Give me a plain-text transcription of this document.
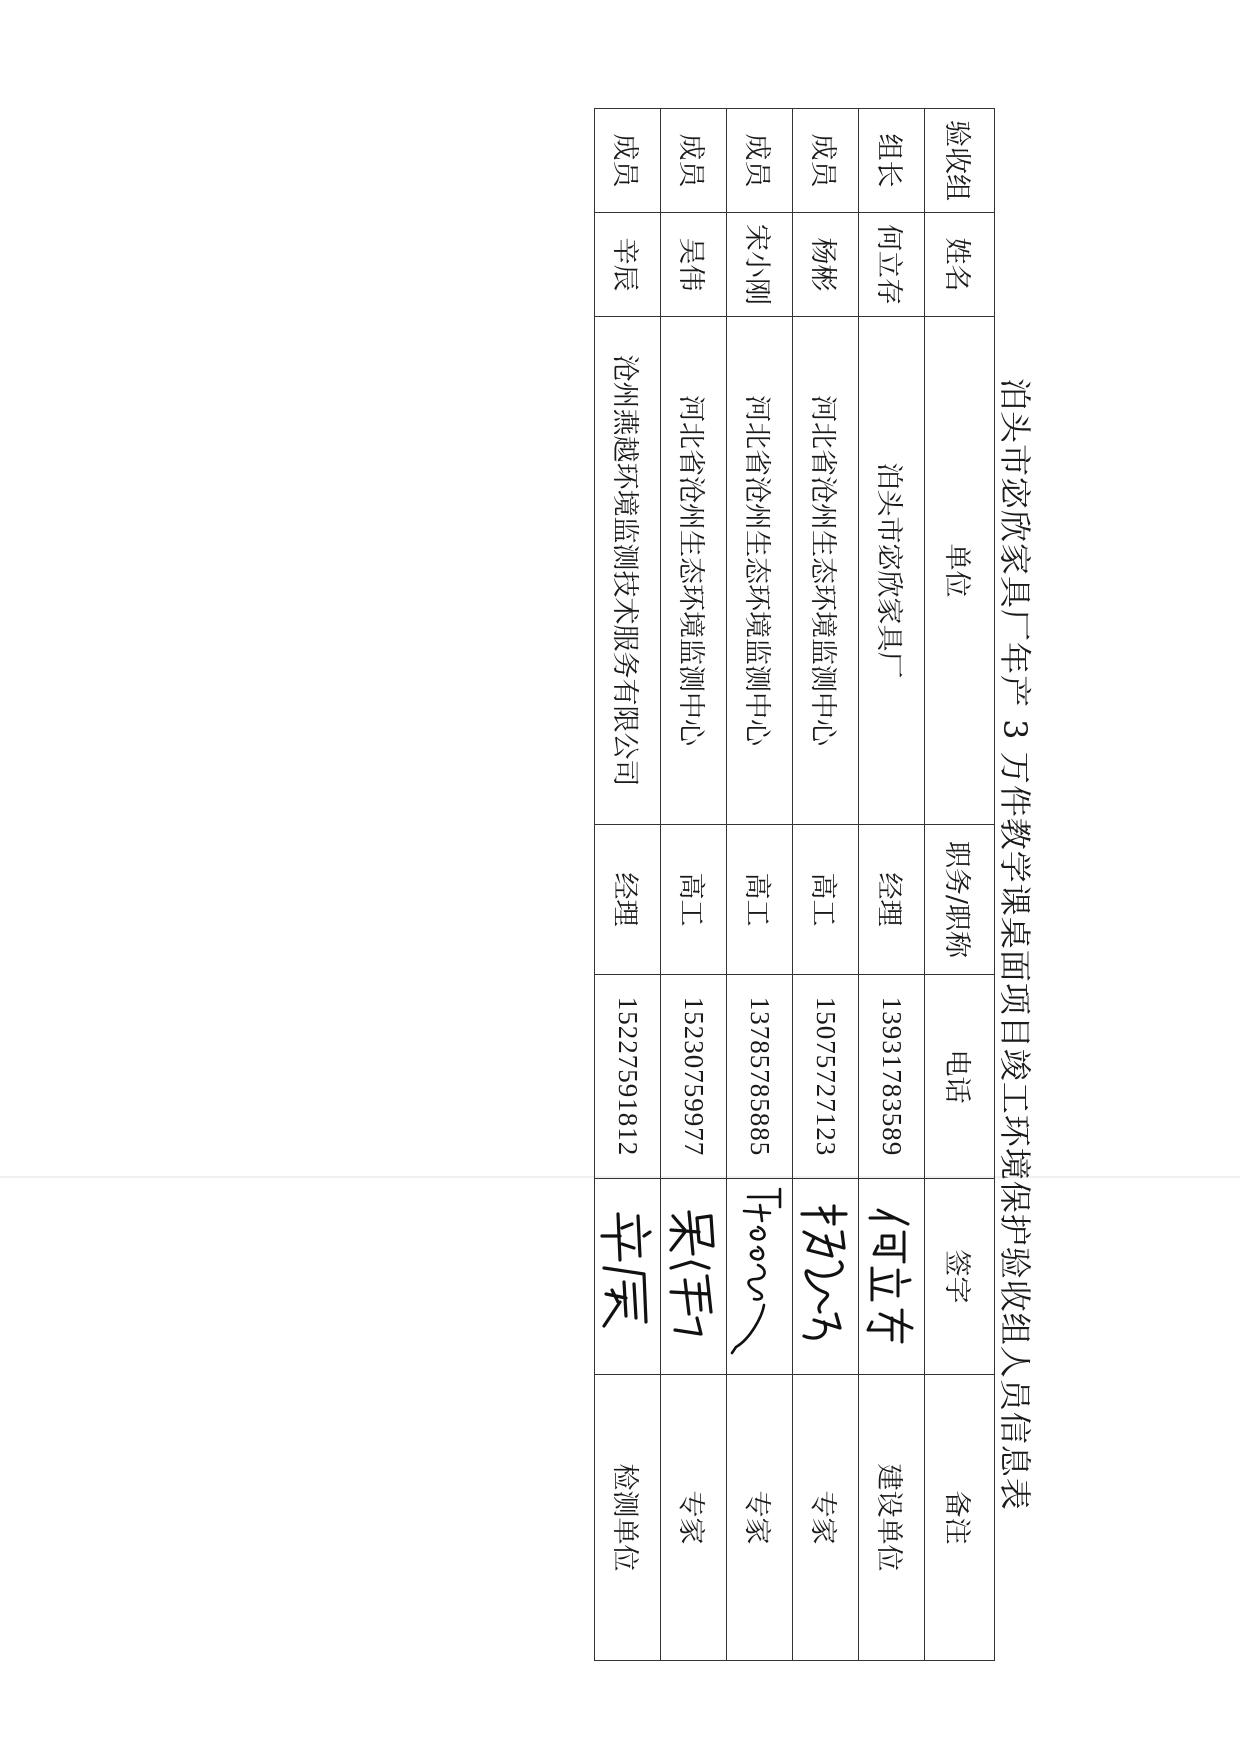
泊头市宓欣家具厂年产 3 万件教学课桌面项目竣工环境保护验收组人员信息表
验收组	姓名	单位	职务/职称	电话	签字	备注
组长	何立存	泊头市宓欣家具厂	经理	13931783589		建设单位
成员	杨彬	河北省沧州生态环境监测中心	高工	15075727123		专家
成员	宋小刚	河北省沧州生态环境监测中心	高工	13785785885		专家
成员	吴伟	河北省沧州生态环境监测中心	高工	15230759977		专家
成员	辛辰	沧州燕越环境监测技术服务有限公司	经理	15227591812		检测单位
